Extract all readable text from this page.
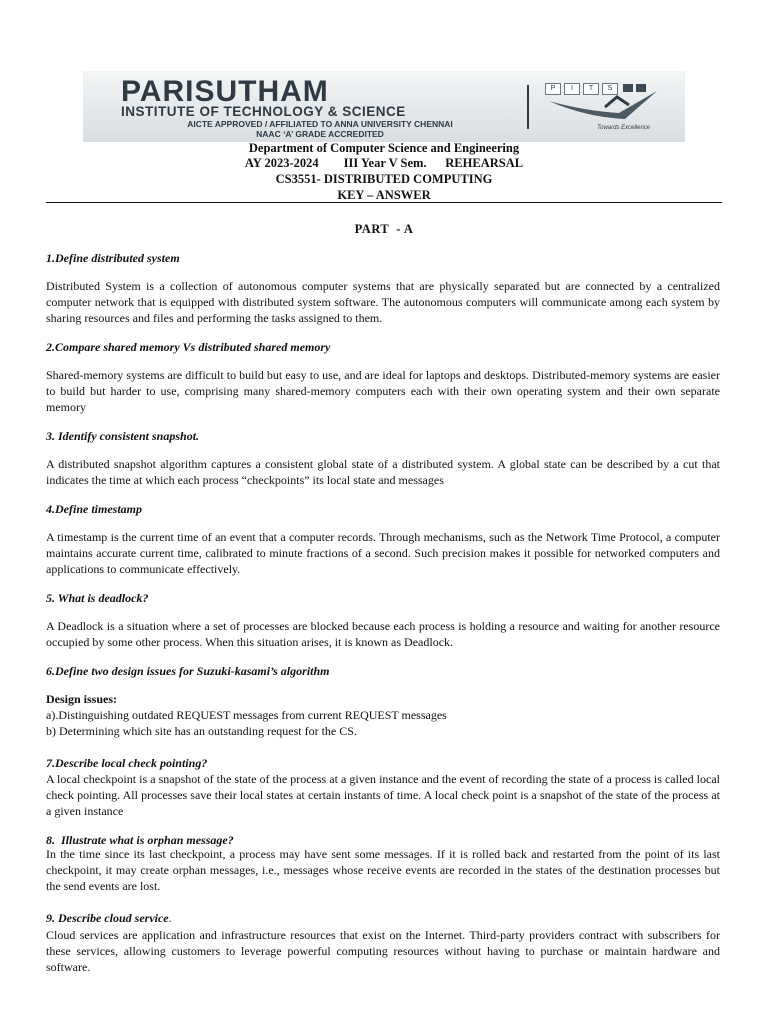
PARISUTHAM
INSTITUTE OF TECHNOLOGY & SCIENCE
AICTE APPROVED / AFFILIATED TO ANNA UNIVERSITY CHENNAI
NAAC ‘A’ GRADE ACCREDITED
P	I	T	S
Towards Excellence
Department of Computer Science and Engineering
AY 2023-2024        III Year V Sem.      REHEARSAL
CS3551- DISTRIBUTED COMPUTING
KEY – ANSWER
PART  - A
1.Define distributed system
Distributed System is a collection of autonomous computer systems that are physically separated but are connected by a centralized computer network that is equipped with distributed system software. The autonomous computers will communicate among each system by sharing resources and files and performing the tasks assigned to them.
2.Compare shared memory Vs distributed shared memory
Shared-memory systems are difficult to build but easy to use, and are ideal for laptops and desktops. Distributed-memory systems are easier to build but harder to use, comprising many shared-memory computers each with their own operating system and their own separate memory
3. Identify consistent snapshot.
A distributed snapshot algorithm captures a consistent global state of a distributed system. A global state can be described by a cut that indicates the time at which each process “checkpoints” its local state and messages
4.Define timestamp
A timestamp is the current time of an event that a computer records. Through mechanisms, such as the Network Time Protocol, a computer maintains accurate current time, calibrated to minute fractions of a second. Such precision makes it possible for networked computers and applications to communicate effectively.
5. What is deadlock?
A Deadlock is a situation where a set of processes are blocked because each process is holding a resource and waiting for another resource occupied by some other process. When this situation arises, it is known as Deadlock.
6.Define two design issues for Suzuki-kasami’s algorithm
Design issues:
a).Distinguishing outdated REQUEST messages from current REQUEST messages
b) Determining which site has an outstanding request for the CS.
7.Describe local check pointing?
A local checkpoint is a snapshot of the state of the process at a given instance and the event of recording the state of a process is called local check pointing. All processes save their local states at certain instants of time. A local check point is a snapshot of the state of the process at a given instance
8.  Illustrate what is orphan message?
In the time since its last checkpoint, a process may have sent some messages. If it is rolled back and restarted from the point of its last checkpoint, it may create orphan messages, i.e., messages whose receive events are recorded in the states of the destination processes but the send events are lost.
9. Describe cloud service.
Cloud services are application and infrastructure resources that exist on the Internet. Third-party providers contract with subscribers for these services, allowing customers to leverage powerful computing resources without having to purchase or maintain hardware and software.
